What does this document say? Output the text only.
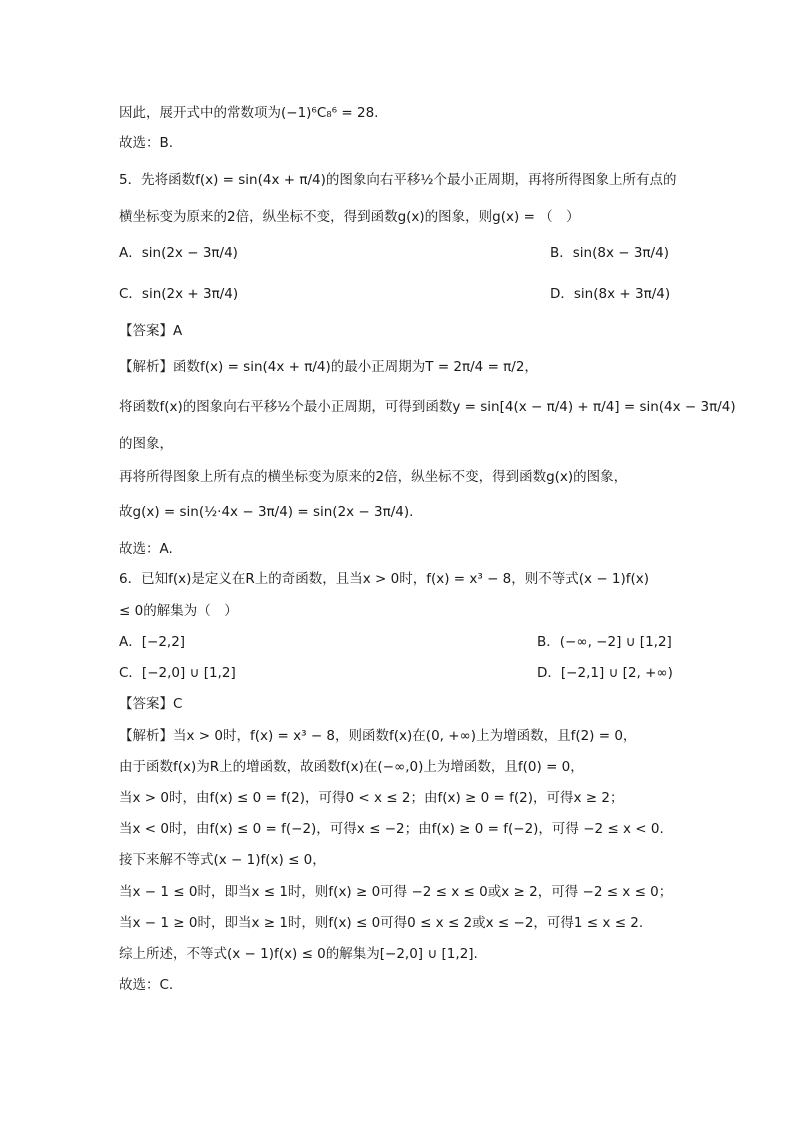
因此，展开式中的常数项为(−1)⁶C₈⁶ = 28.
故选：B.
5．先将函数f(x) = sin(4x + π/4)的图象向右平移½个最小正周期，再将所得图象上所有点的
横坐标变为原来的2倍，纵坐标不变，得到函数g(x)的图象，则g(x) = （　）
A．sin(2x − 3π/4)	B．sin(8x − 3π/4)
C．sin(2x + 3π/4)	D．sin(8x + 3π/4)
【答案】A
【解析】函数f(x) = sin(4x + π/4)的最小正周期为T = 2π/4 = π/2，
将函数f(x)的图象向右平移½个最小正周期，可得到函数y = sin[4(x − π/4) + π/4] = sin(4x − 3π/4)
的图象，
再将所得图象上所有点的横坐标变为原来的2倍，纵坐标不变，得到函数g(x)的图象，
故g(x) = sin(½·4x − 3π/4) = sin(2x − 3π/4).
故选：A.
6．已知f(x)是定义在R上的奇函数，且当x > 0时，f(x) = x³ − 8，则不等式(x − 1)f(x)
≤ 0的解集为（　）
A．[−2,2]	B．(−∞, −2] ∪ [1,2]
C．[−2,0] ∪ [1,2]	D．[−2,1] ∪ [2, +∞)
【答案】C
【解析】当x > 0时，f(x) = x³ − 8，则函数f(x)在(0, +∞)上为增函数，且f(2) = 0，
由于函数f(x)为R上的增函数，故函数f(x)在(−∞,0)上为增函数，且f(0) = 0，
当x > 0时，由f(x) ≤ 0 = f(2)，可得0 < x ≤ 2；由f(x) ≥ 0 = f(2)，可得x ≥ 2；
当x < 0时，由f(x) ≤ 0 = f(−2)，可得x ≤ −2；由f(x) ≥ 0 = f(−2)，可得 −2 ≤ x < 0.
接下来解不等式(x − 1)f(x) ≤ 0，
当x − 1 ≤ 0时，即当x ≤ 1时，则f(x) ≥ 0可得 −2 ≤ x ≤ 0或x ≥ 2，可得 −2 ≤ x ≤ 0；
当x − 1 ≥ 0时，即当x ≥ 1时，则f(x) ≤ 0可得0 ≤ x ≤ 2或x ≤ −2，可得1 ≤ x ≤ 2.
综上所述，不等式(x − 1)f(x) ≤ 0的解集为[−2,0] ∪ [1,2].
故选：C.
